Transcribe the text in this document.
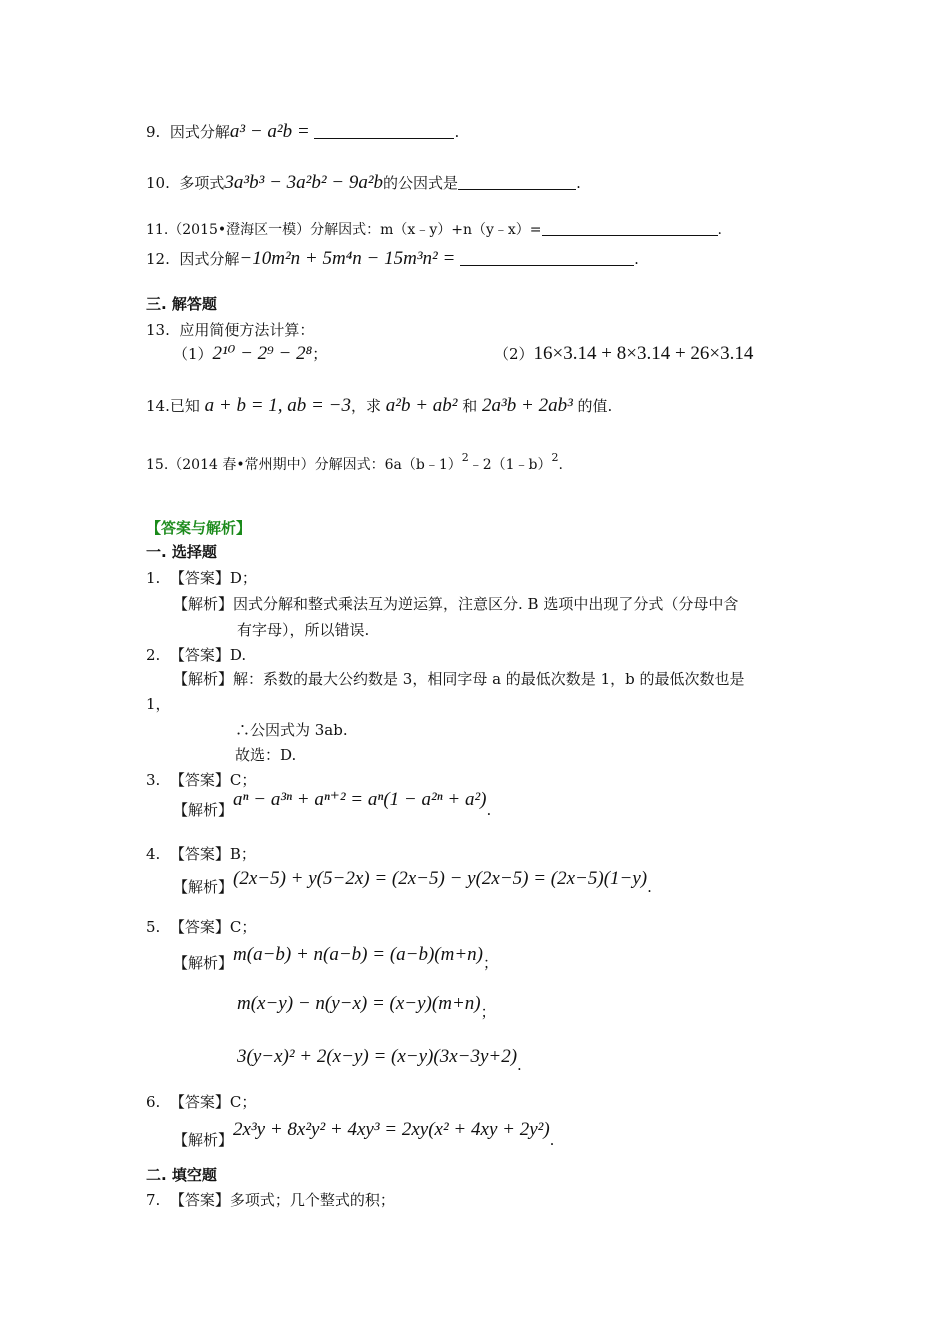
9. 因式分解a³ − a²b =	.
10. 多项式3a³b³ − 3a²b² − 9a²b的公因式是	.
11.（2015•澄海区一模）分解因式：m（x﹣y）+n（y﹣x）=	.
12. 因式分解−10m²n + 5m⁴n − 15m³n² =	.
三. 解答题
13. 应用简便方法计算：
（1）2¹⁰ − 2⁹ − 2⁸；	（2）16×3.14 + 8×3.14 + 26×3.14
14.已知 a + b = 1, ab = −3，求 a²b + ab² 和 2a³b + 2ab³ 的值.
15.（2014 春•常州期中）分解因式：6a（b﹣1）$^2$﹣2（1﹣b）$^2$.
【答案与解析】
一. 选择题
1. 【答案】D；
【解析】因式分解和整式乘法互为逆运算，注意区分. B 选项中出现了分式（分母中含
有字母），所以错误.
2. 【答案】D.
【解析】解：系数的最大公约数是 3，相同字母 a 的最低次数是 1，b 的最低次数也是
1，
∴公因式为 3ab.
故选：D.
3. 【答案】C；
【解析】aⁿ − a³ⁿ + aⁿ⁺² = aⁿ(1 − a²ⁿ + a²).
4. 【答案】B；
【解析】(2x−5) + y(5−2x) = (2x−5) − y(2x−5) = (2x−5)(1−y).
5. 【答案】C；
【解析】m(a−b) + n(a−b) = (a−b)(m+n)；
m(x−y) − n(y−x) = (x−y)(m+n)；
3(y−x)² + 2(x−y) = (x−y)(3x−3y+2).
6. 【答案】C；
【解析】2x³y + 8x²y² + 4xy³ = 2xy(x² + 4xy + 2y²).
二. 填空题
7. 【答案】多项式；几个整式的积；
